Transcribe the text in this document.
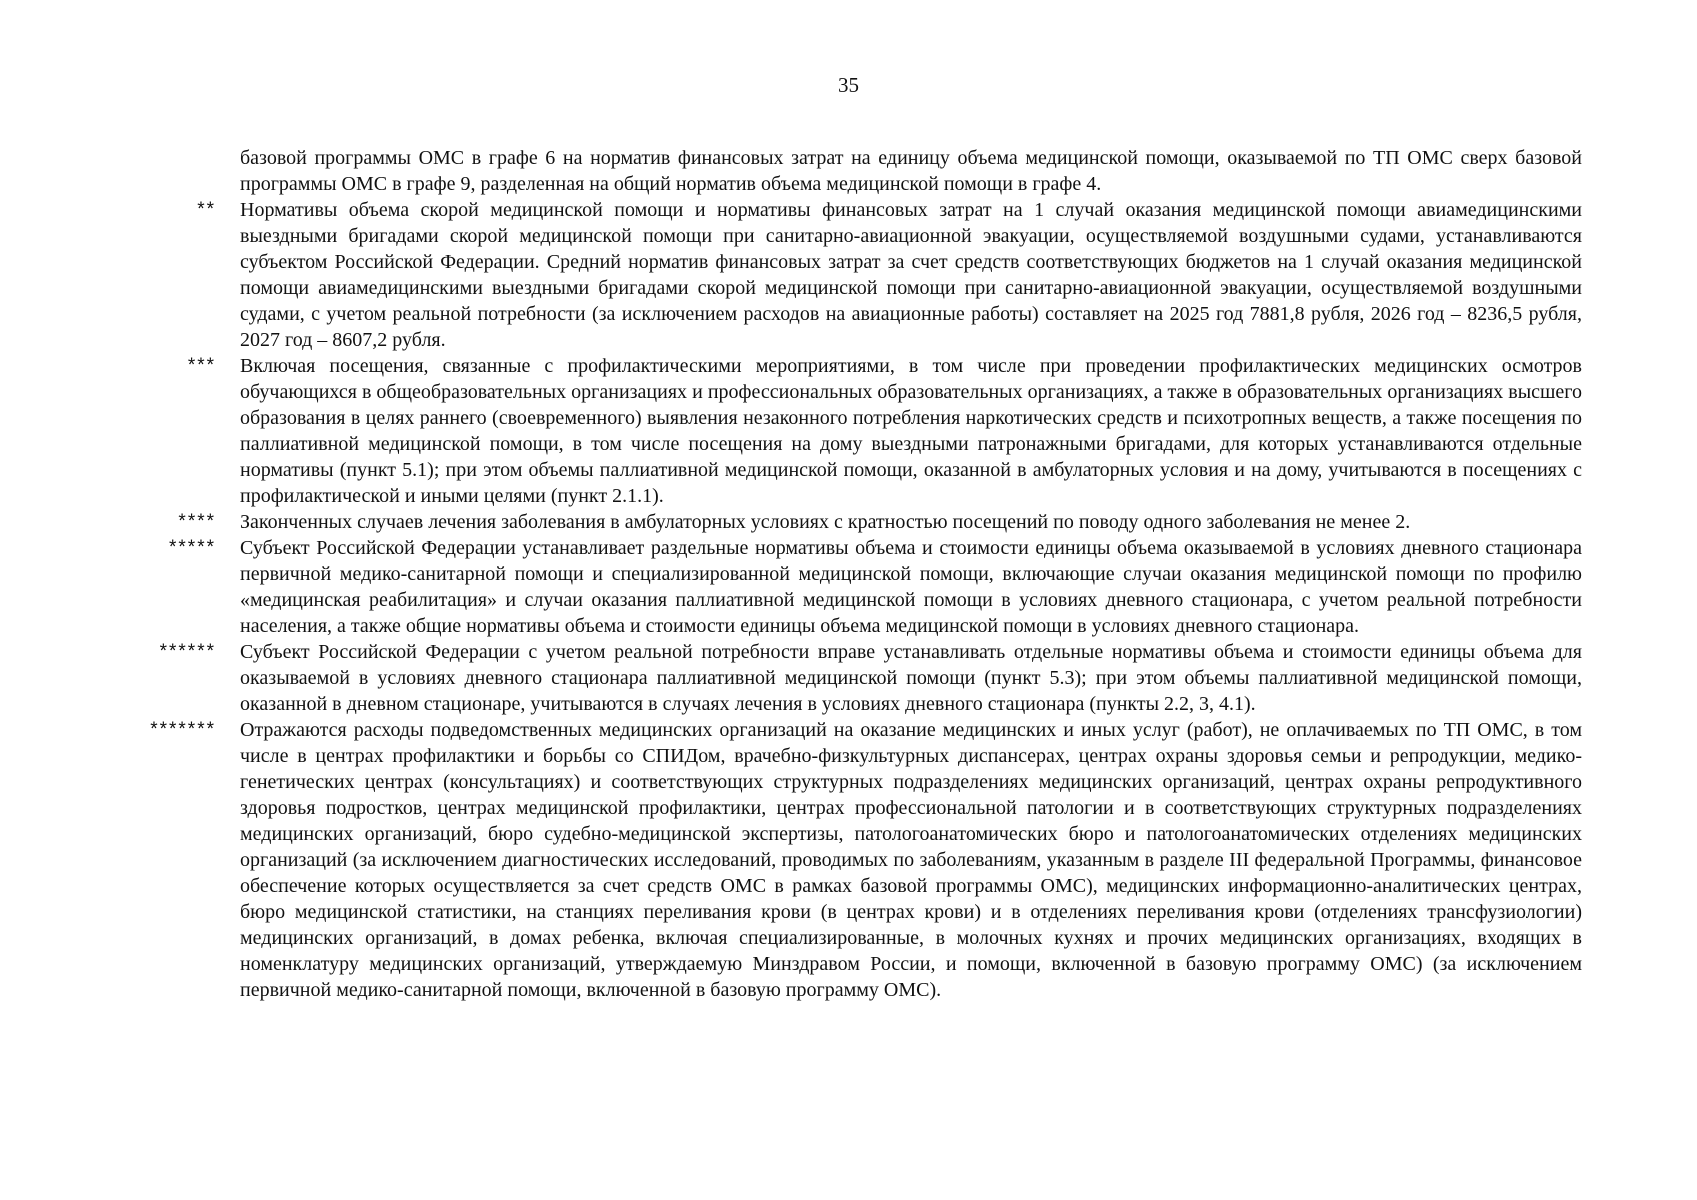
35

базовой программы ОМС в графе 6 на норматив финансовых затрат на единицу объема медицинской помощи, оказываемой по ТП ОМС сверх базовой программы ОМС в графе 9, разделенная на общий норматив объема медицинской помощи в графе 4.

** Нормативы объема скорой медицинской помощи и нормативы финансовых затрат на 1 случай оказания медицинской помощи авиамедицинскими выездными бригадами скорой медицинской помощи при санитарно-авиационной эвакуации, осуществляемой воздушными судами, устанавливаются субъектом Российской Федерации. Средний норматив финансовых затрат за счет средств соответствующих бюджетов на 1 случай оказания медицинской помощи авиамедицинскими выездными бригадами скорой медицинской помощи при санитарно-авиационной эвакуации, осуществляемой воздушными судами, с учетом реальной потребности (за исключением расходов на авиационные работы) составляет на 2025 год 7881,8 рубля, 2026 год – 8236,5 рубля, 2027 год – 8607,2 рубля.

*** Включая посещения, связанные с профилактическими мероприятиями, в том числе при проведении профилактических медицинских осмотров обучающихся в общеобразовательных организациях и профессиональных образовательных организациях, а также в образовательных организациях высшего образования в целях раннего (своевременного) выявления незаконного потребления наркотических средств и психотропных веществ, а также посещения по паллиативной медицинской помощи, в том числе посещения на дому выездными патронажными бригадами, для которых устанавливаются отдельные нормативы (пункт 5.1); при этом объемы паллиативной медицинской помощи, оказанной в амбулаторных условия и на дому, учитываются в посещениях с профилактической и иными целями (пункт 2.1.1).

**** Законченных случаев лечения заболевания в амбулаторных условиях с кратностью посещений по поводу одного заболевания не менее 2.

***** Субъект Российской Федерации устанавливает раздельные нормативы объема и стоимости единицы объема оказываемой в условиях дневного стационара первичной медико-санитарной помощи и специализированной медицинской помощи, включающие случаи оказания медицинской помощи по профилю «медицинская реабилитация» и случаи оказания паллиативной медицинской помощи в условиях дневного стационара, с учетом реальной потребности населения, а также общие нормативы объема и стоимости единицы объема медицинской помощи в условиях дневного стационара.

****** Субъект Российской Федерации с учетом реальной потребности вправе устанавливать отдельные нормативы объема и стоимости единицы объема для оказываемой в условиях дневного стационара паллиативной медицинской помощи (пункт 5.3); при этом объемы паллиативной медицинской помощи, оказанной в дневном стационаре, учитываются в случаях лечения в условиях дневного стационара (пункты 2.2, 3, 4.1).

******* Отражаются расходы подведомственных медицинских организаций на оказание медицинских и иных услуг (работ), не оплачиваемых по ТП ОМС, в том числе в центрах профилактики и борьбы со СПИДом, врачебно-физкультурных диспансерах, центрах охраны здоровья семьи и репродукции, медико-генетических центрах (консультациях) и соответствующих структурных подразделениях медицинских организаций, центрах охраны репродуктивного здоровья подростков, центрах медицинской профилактики, центрах профессиональной патологии и в соответствующих структурных подразделениях медицинских организаций, бюро судебно-медицинской экспертизы, патологоанатомических бюро и патологоанатомических отделениях медицинских организаций (за исключением диагностических исследований, проводимых по заболеваниям, указанным в разделе III федеральной Программы, финансовое обеспечение которых осуществляется за счет средств ОМС в рамках базовой программы ОМС), медицинских информационно-аналитических центрах, бюро медицинской статистики, на станциях переливания крови (в центрах крови) и в отделениях переливания крови (отделениях трансфузиологии) медицинских организаций, в домах ребенка, включая специализированные, в молочных кухнях и прочих медицинских организациях, входящих в номенклатуру медицинских организаций, утверждаемую Минздравом России, и помощи, включенной в базовую программу ОМС) (за исключением первичной медико-санитарной помощи, включенной в базовую программу ОМС).
